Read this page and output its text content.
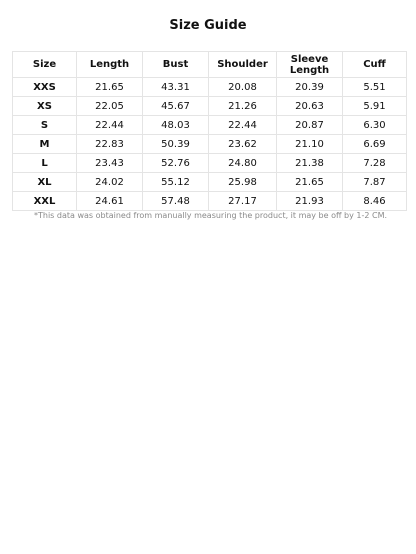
Size Guide
Size	Length	Bust	Shoulder	Sleeve Length	Cuff
XXS	21.65	43.31	20.08	20.39	5.51
XS	22.05	45.67	21.26	20.63	5.91
S	22.44	48.03	22.44	20.87	6.30
M	22.83	50.39	23.62	21.10	6.69
L	23.43	52.76	24.80	21.38	7.28
XL	24.02	55.12	25.98	21.65	7.87
XXL	24.61	57.48	27.17	21.93	8.46
*This data was obtained from manually measuring the product, it may be off by 1-2 CM.
